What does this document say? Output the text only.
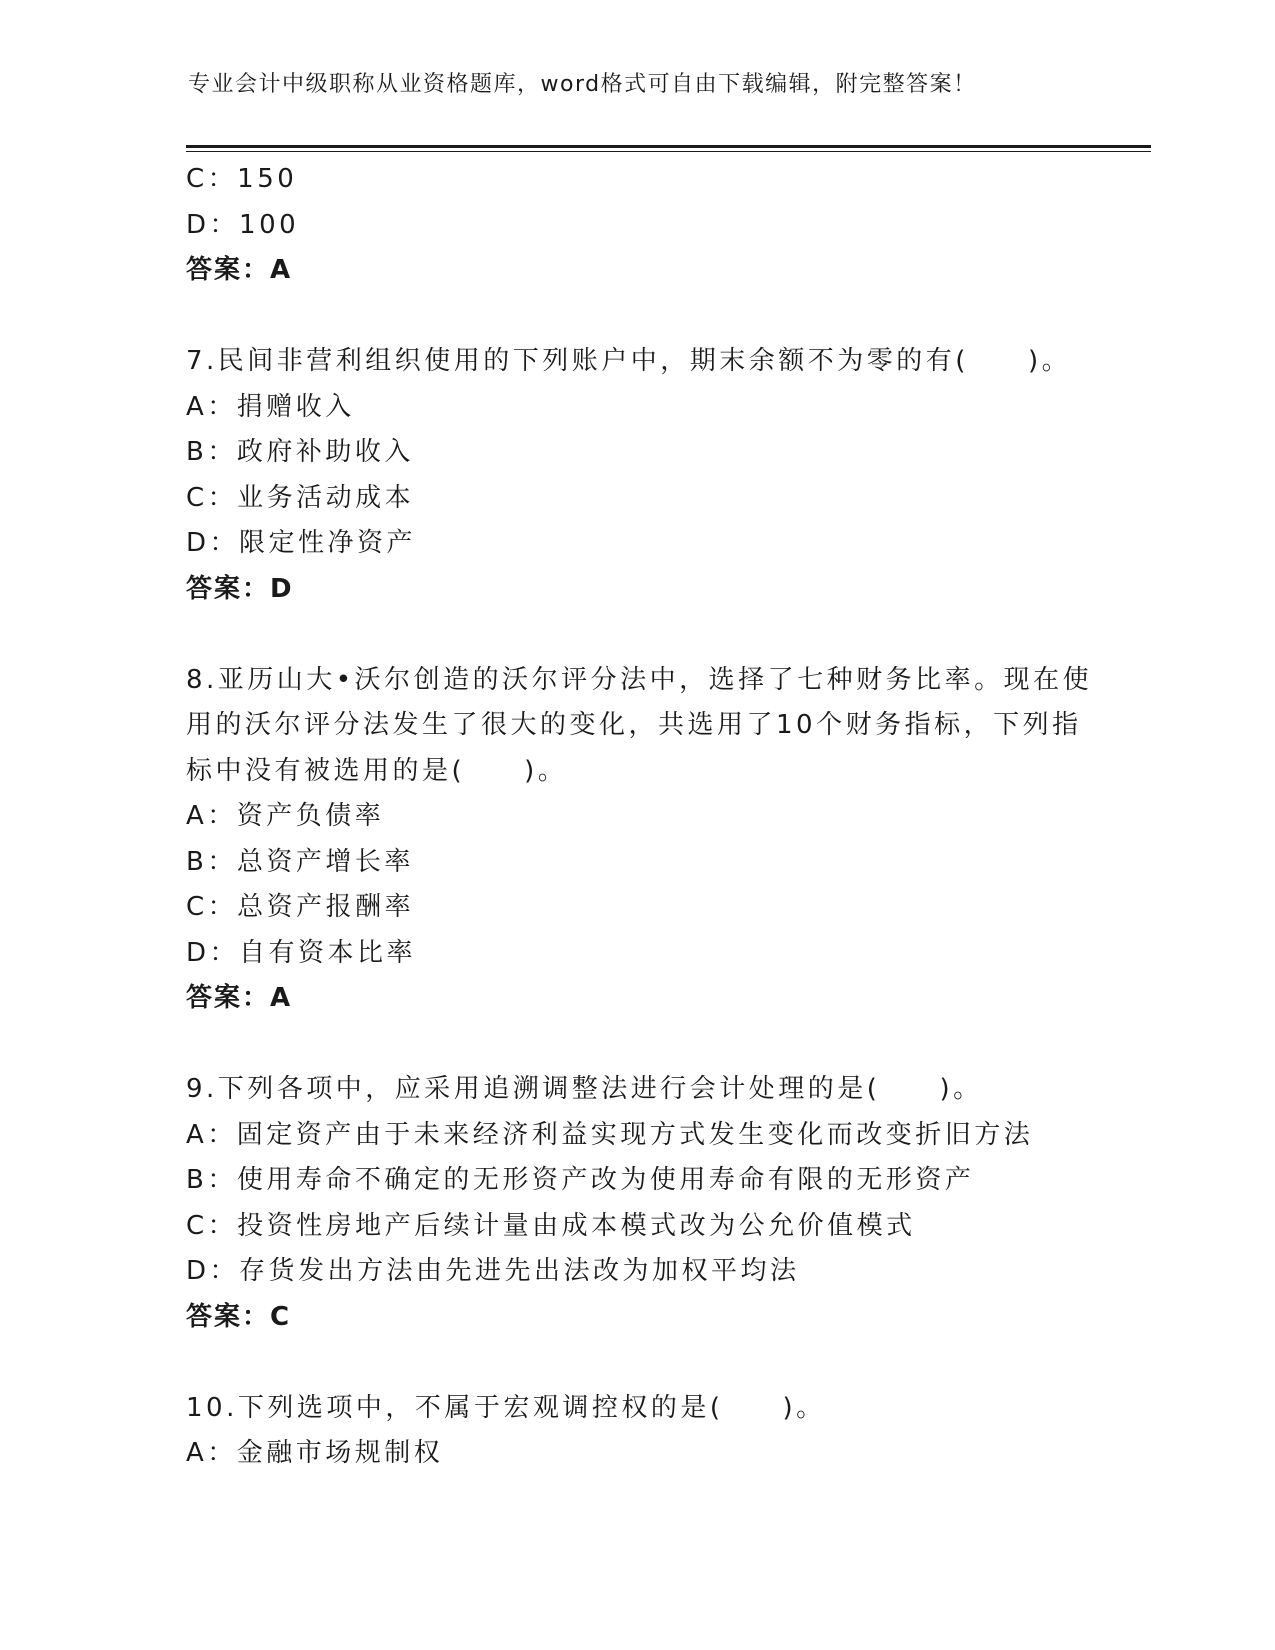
专业会计中级职称从业资格题库，word格式可自由下载编辑，附完整答案！
C：150
D：100
答案：A
7.民间非营利组织使用的下列账户中，期末余额不为零的有(　　)。
A：捐赠收入
B：政府补助收入
C：业务活动成本
D：限定性净资产
答案：D
8.亚历山大•沃尔创造的沃尔评分法中，选择了七种财务比率。现在使
用的沃尔评分法发生了很大的变化，共选用了10个财务指标，下列指
标中没有被选用的是(　　)。
A：资产负债率
B：总资产增长率
C：总资产报酬率
D：自有资本比率
答案：A
9.下列各项中，应采用追溯调整法进行会计处理的是(　　)。
A：固定资产由于未来经济利益实现方式发生变化而改变折旧方法
B：使用寿命不确定的无形资产改为使用寿命有限的无形资产
C：投资性房地产后续计量由成本模式改为公允价值模式
D：存货发出方法由先进先出法改为加权平均法
答案：C
10.下列选项中，不属于宏观调控权的是(　　)。
A：金融市场规制权
